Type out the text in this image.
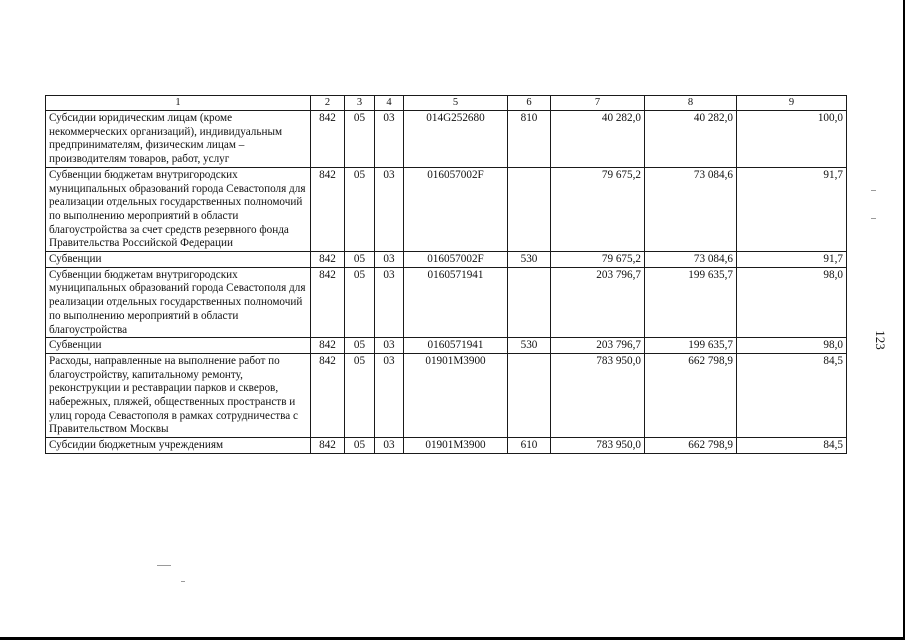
123
1	2	3	4	5	6	7	8	9
Субсидии юридическим лицам (кроме некоммерческих организаций), индивидуальным предпринимателям, физическим лицам – производителям товаров, работ, услуг	842	05	03	014G252680	810	40 282,0	40 282,0	100,0
Субвенции бюджетам внутригородских муниципальных образований города Севастополя для реализации отдельных государственных полномочий по выполнению мероприятий в области благоустройства за счет средств резервного фонда Правительства Российской Федерации	842	05	03	016057002F		79 675,2	73 084,6	91,7
Субвенции	842	05	03	016057002F	530	79 675,2	73 084,6	91,7
Субвенции бюджетам внутригородских муниципальных образований города Севастополя для реализации отдельных государственных полномочий по выполнению мероприятий в области благоустройства	842	05	03	0160571941		203 796,7	199 635,7	98,0
Субвенции	842	05	03	0160571941	530	203 796,7	199 635,7	98,0
Расходы, направленные на выполнение работ по благоустройству, капитальному ремонту, реконструкции и реставрации парков и скверов, набережных, пляжей, общественных пространств и улиц города Севастополя в рамках сотрудничества с Правительством Москвы	842	05	03	01901М3900		783 950,0	662 798,9	84,5
Субсидии бюджетным учреждениям	842	05	03	01901М3900	610	783 950,0	662 798,9	84,5
